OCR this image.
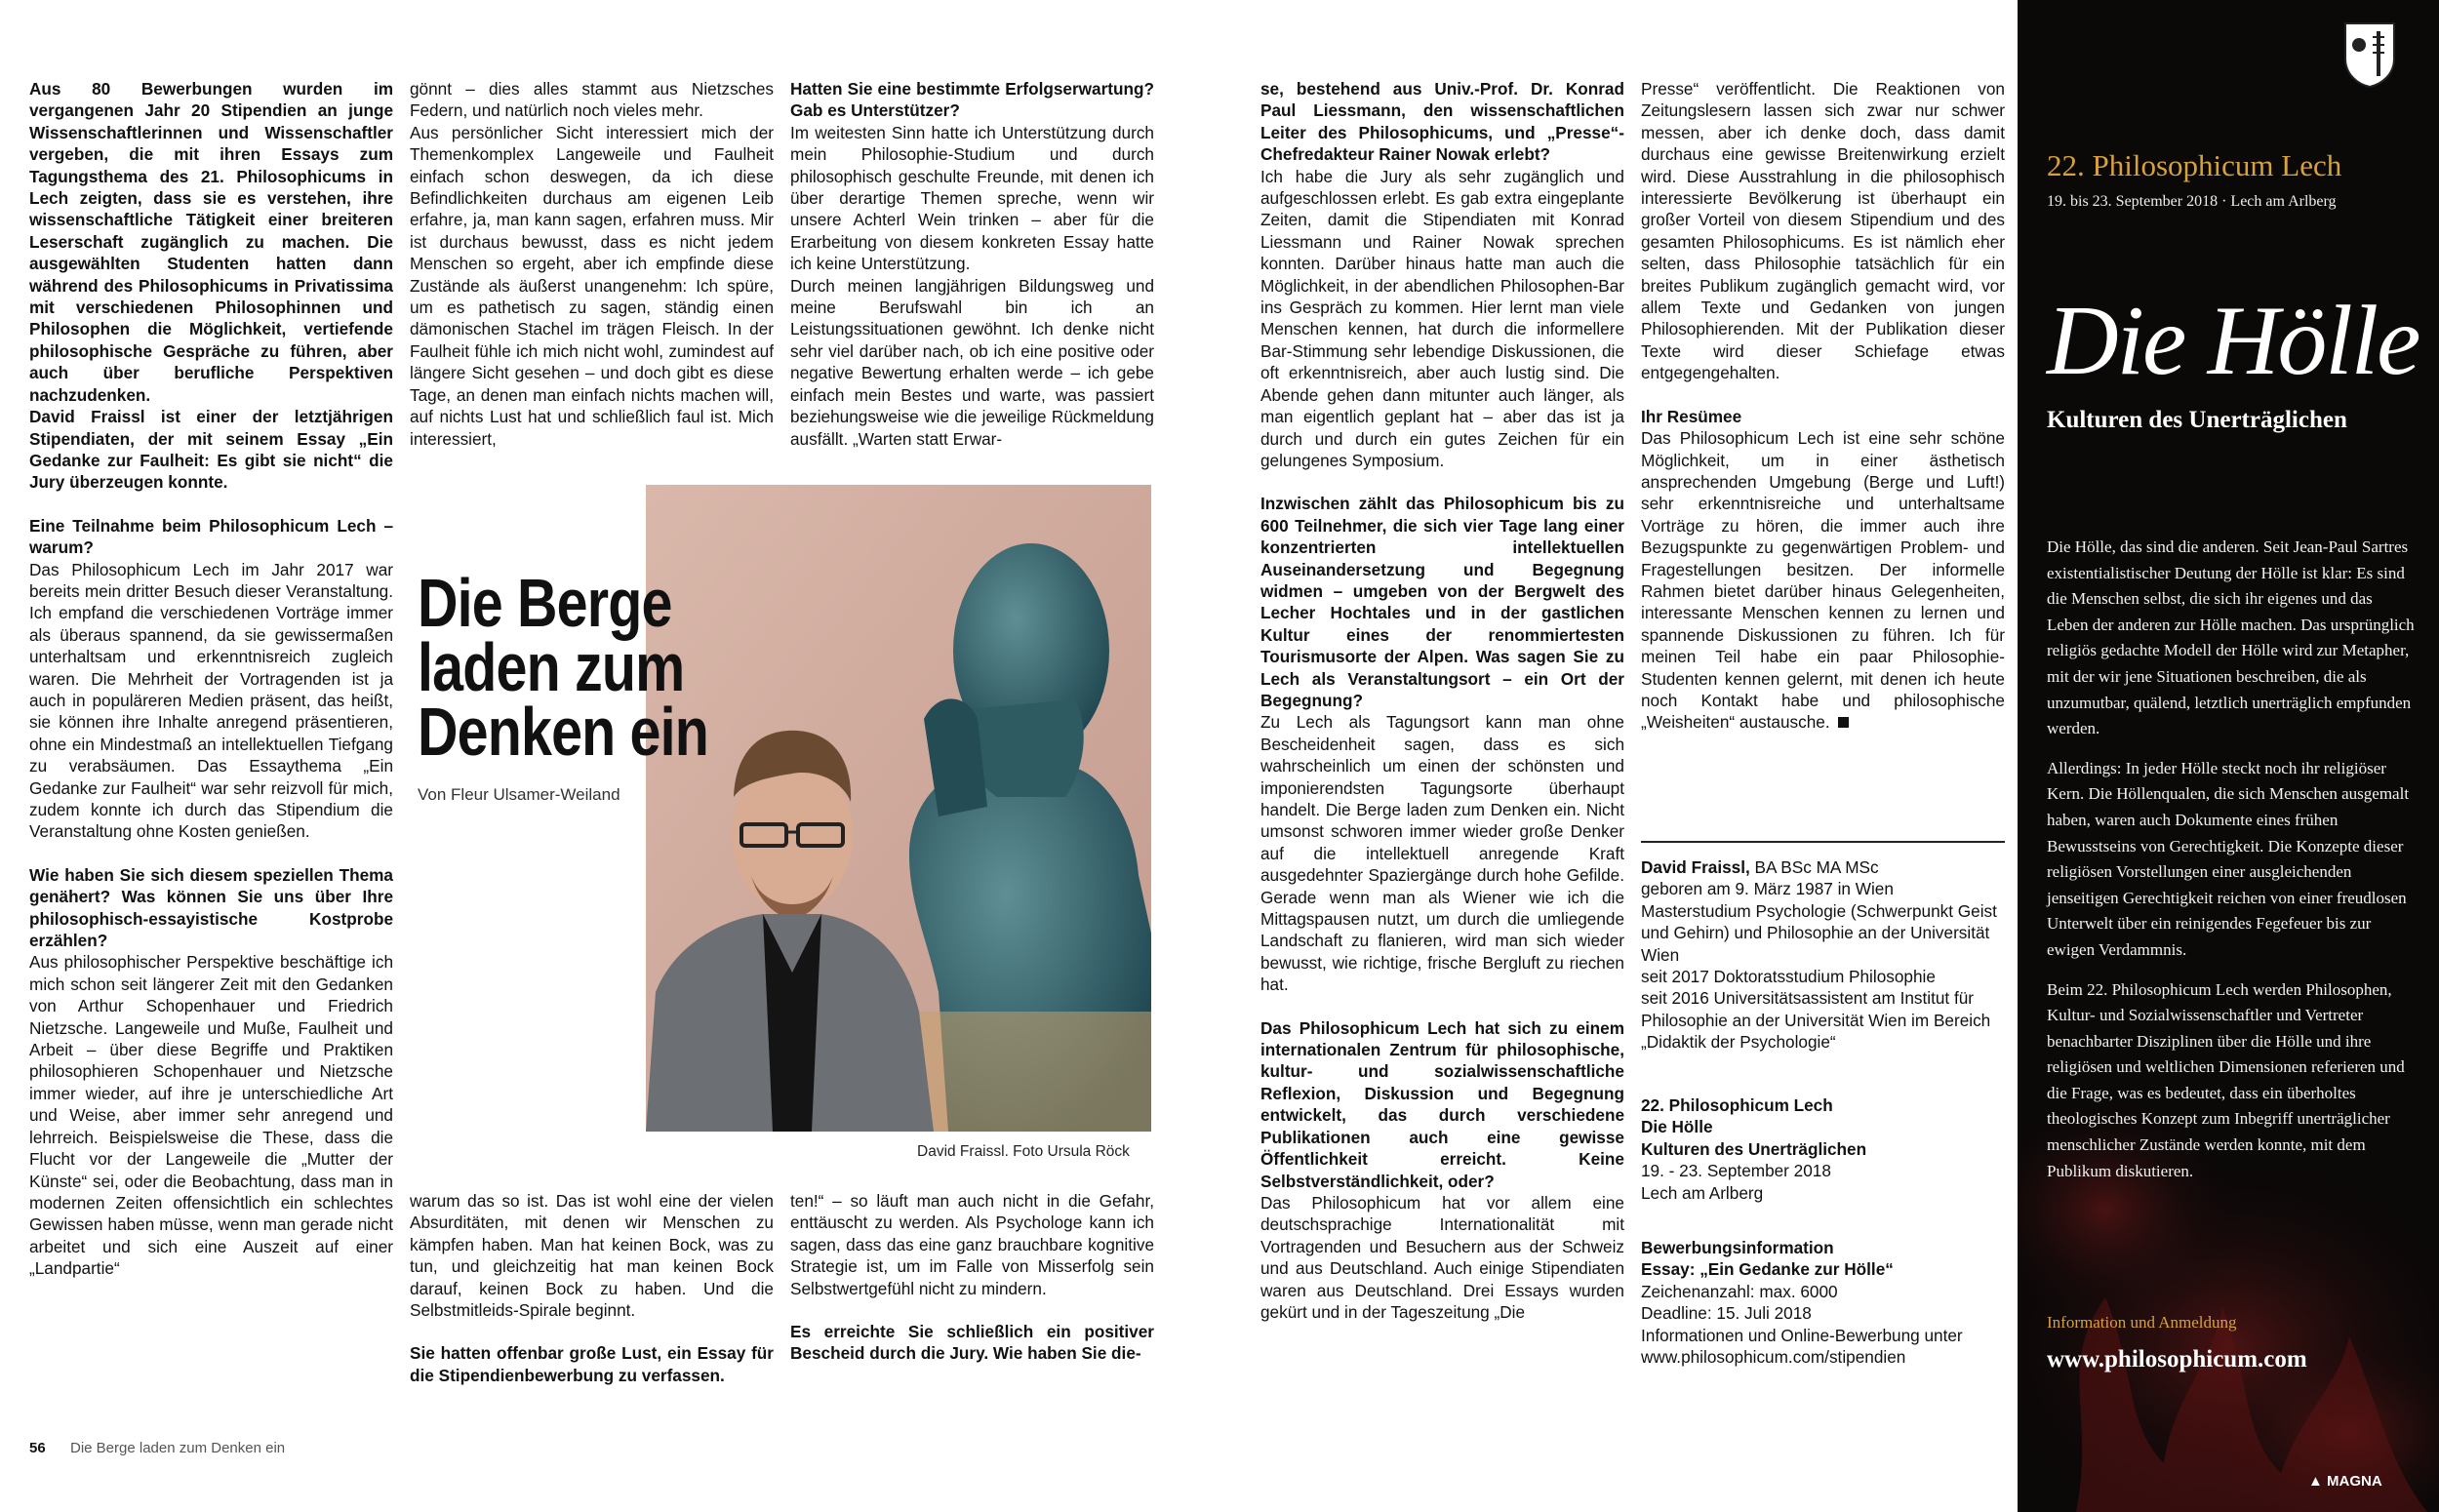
Aus 80 Bewerbungen wurden im vergangenen Jahr 20 Stipendien an junge Wissenschaftlerinnen und Wissenschaftler vergeben, die mit ihren Essays zum Tagungsthema des 21. Philosophicums in Lech zeigten, dass sie es verstehen, ihre wissenschaftliche Tätigkeit einer breiteren Leserschaft zugänglich zu machen. Die ausgewählten Studenten hatten dann während des Philosophicums in Privatissima mit verschiedenen Philosophinnen und Philosophen die Möglichkeit, vertiefende philosophische Gespräche zu führen, aber auch über berufliche Perspektiven nachzudenken.

David Fraissl ist einer der letztjährigen Stipendiaten, der mit seinem Essay „Ein Gedanke zur Faulheit: Es gibt sie nicht“ die Jury überzeugen konnte.

Eine Teilnahme beim Philosophicum Lech – warum?

Das Philosophicum Lech im Jahr 2017 war bereits mein dritter Besuch dieser Veranstaltung. Ich empfand die verschiedenen Vorträge immer als überaus spannend, da sie gewissermaßen unterhaltsam und erkenntnisreich zugleich waren. Die Mehrheit der Vortragenden ist ja auch in populäreren Medien präsent, das heißt, sie können ihre Inhalte anregend präsentieren, ohne ein Mindestmaß an intellektuellen Tiefgang zu verabsäumen. Das Essaythema „Ein Gedanke zur Faulheit“ war sehr reizvoll für mich, zudem konnte ich durch das Stipendium die Veranstaltung ohne Kosten genießen.

Wie haben Sie sich diesem speziellen Thema genähert? Was können Sie uns über Ihre philosophisch-essayistische Kostprobe erzählen?

Aus philosophischer Perspektive beschäftige ich mich schon seit längerer Zeit mit den Gedanken von Arthur Schopenhauer und Friedrich Nietzsche. Langeweile und Muße, Faulheit und Arbeit – über diese Begriffe und Praktiken philosophieren Schopenhauer und Nietzsche immer wieder, auf ihre je unterschiedliche Art und Weise, aber immer sehr anregend und lehrreich. Beispielsweise die These, dass die Flucht vor der Langeweile die „Mutter der Künste“ sei, oder die Beobachtung, dass man in modernen Zeiten offensichtlich ein schlechtes Gewissen haben müsse, wenn man gerade nicht arbeitet und sich eine Auszeit auf einer „Landpartie“

gönnt – dies alles stammt aus Nietzsches Federn, und natürlich noch vieles mehr.

Aus persönlicher Sicht interessiert mich der Themenkomplex Langeweile und Faulheit einfach schon deswegen, da ich diese Befindlichkeiten durchaus am eigenen Leib erfahre, ja, man kann sagen, erfahren muss. Mir ist durchaus bewusst, dass es nicht jedem Menschen so ergeht, aber ich empfinde diese Zustände als äußerst unangenehm: Ich spüre, um es pathetisch zu sagen, ständig einen dämonischen Stachel im trägen Fleisch. In der Faulheit fühle ich mich nicht wohl, zumindest auf längere Sicht gesehen – und doch gibt es diese Tage, an denen man einfach nichts machen will, auf nichts Lust hat und schließlich faul ist. Mich interessiert,

Hatten Sie eine bestimmte Erfolgserwartung? Gab es Unterstützer?

Im weitesten Sinn hatte ich Unterstützung durch mein Philosophie-Studium und durch philosophisch geschulte Freunde, mit denen ich über derartige Themen spreche, wenn wir unsere Achterl Wein trinken – aber für die Erarbeitung von diesem konkreten Essay hatte ich keine Unterstützung.

Durch meinen langjährigen Bildungsweg und meine Berufswahl bin ich an Leistungssituationen gewöhnt. Ich denke nicht sehr viel darüber nach, ob ich eine positive oder negative Bewertung erhalten werde – ich gebe einfach mein Bestes und warte, was passiert beziehungsweise wie die jeweilige Rückmeldung ausfällt. „Warten statt Erwar-

Die Berge
laden zum
Denken ein
Von Fleur Ulsamer-Weiland
David Fraissl. Foto Ursula Röck

warum das so ist. Das ist wohl eine der vielen Absurditäten, mit denen wir Menschen zu kämpfen haben. Man hat keinen Bock, was zu tun, und gleichzeitig hat man keinen Bock darauf, keinen Bock zu haben. Und die Selbstmitleids-Spirale beginnt.

Sie hatten offenbar große Lust, ein Essay für die Stipendienbewerbung zu verfassen.

ten!“ – so läuft man auch nicht in die Gefahr, enttäuscht zu werden. Als Psychologe kann ich sagen, dass das eine ganz brauchbare kognitive Strategie ist, um im Falle von Misserfolg sein Selbstwertgefühl nicht zu mindern.

Es erreichte Sie schließlich ein positiver Bescheid durch die Jury. Wie haben Sie die-

56 Die Berge laden zum Denken ein

se, bestehend aus Univ.-Prof. Dr. Konrad Paul Liessmann, den wissenschaftlichen Leiter des Philosophicums, und „Presse“-Chefredakteur Rainer Nowak erlebt?

Ich habe die Jury als sehr zugänglich und aufgeschlossen erlebt. Es gab extra eingeplante Zeiten, damit die Stipendiaten mit Konrad Liessmann und Rainer Nowak sprechen konnten. Darüber hinaus hatte man auch die Möglichkeit, in der abendlichen Philosophen-Bar ins Gespräch zu kommen. Hier lernt man viele Menschen kennen, hat durch die informellere Bar-Stimmung sehr lebendige Diskussionen, die oft erkenntnisreich, aber auch lustig sind. Die Abende gehen dann mitunter auch länger, als man eigentlich geplant hat – aber das ist ja durch und durch ein gutes Zeichen für ein gelungenes Symposium.

Inzwischen zählt das Philosophicum bis zu 600 Teilnehmer, die sich vier Tage lang einer konzentrierten intellektuellen Auseinandersetzung und Begegnung widmen – umgeben von der Bergwelt des Lecher Hochtales und in der gastlichen Kultur eines der renommiertesten Tourismusorte der Alpen. Was sagen Sie zu Lech als Veranstaltungsort – ein Ort der Begegnung?

Zu Lech als Tagungsort kann man ohne Bescheidenheit sagen, dass es sich wahrscheinlich um einen der schönsten und imponierendsten Tagungsorte überhaupt handelt. Die Berge laden zum Denken ein. Nicht umsonst schworen immer wieder große Denker auf die intellektuell anregende Kraft ausgedehnter Spaziergänge durch hohe Gefilde. Gerade wenn man als Wiener wie ich die Mittagspausen nutzt, um durch die umliegende Landschaft zu flanieren, wird man sich wieder bewusst, wie richtige, frische Bergluft zu riechen hat.

Das Philosophicum Lech hat sich zu einem internationalen Zentrum für philosophische, kultur- und sozialwissenschaftliche Reflexion, Diskussion und Begegnung entwickelt, das durch verschiedene Publikationen auch eine gewisse Öffentlichkeit erreicht. Keine Selbstverständlichkeit, oder?

Das Philosophicum hat vor allem eine deutschsprachige Internationalität mit Vortragenden und Besuchern aus der Schweiz und aus Deutschland. Auch einige Stipendiaten waren aus Deutschland. Drei Essays wurden gekürt und in der Tageszeitung „Die

Presse“ veröffentlicht. Die Reaktionen von Zeitungslesern lassen sich zwar nur schwer messen, aber ich denke doch, dass damit durchaus eine gewisse Breitenwirkung erzielt wird. Diese Ausstrahlung in die philosophisch interessierte Bevölkerung ist überhaupt ein großer Vorteil von diesem Stipendium und des gesamten Philosophicums. Es ist nämlich eher selten, dass Philosophie tatsächlich für ein breites Publikum zugänglich gemacht wird, vor allem Texte und Gedanken von jungen Philosophierenden. Mit der Publikation dieser Texte wird dieser Schiefage etwas entgegengehalten.

Ihr Resümee

Das Philosophicum Lech ist eine sehr schöne Möglichkeit, um in einer ästhetisch ansprechenden Umgebung (Berge und Luft!) sehr erkenntnisreiche und unterhaltsame Vorträge zu hören, die immer auch ihre Bezugspunkte zu gegenwärtigen Problem- und Fragestellungen besitzen. Der informelle Rahmen bietet darüber hinaus Gelegenheiten, interessante Menschen kennen zu lernen und spannende Diskussionen zu führen. Ich für meinen Teil habe ein paar Philosophie-Studenten kennen gelernt, mit denen ich heute noch Kontakt habe und philosophische „Weisheiten“ austausche.

David Fraissl, BA BSc MA MSc

geboren am 9. März 1987 in Wien

Masterstudium Psychologie (Schwerpunkt Geist und Gehirn) und Philosophie an der Universität Wien

seit 2017 Doktoratsstudium Philosophie

seit 2016 Universitätsassistent am Institut für Philosophie an der Universität Wien im Bereich „Didaktik der Psychologie“

22. Philosophicum Lech

Die Hölle

Kulturen des Unerträglichen

19. - 23. September 2018

Lech am Arlberg

Bewerbungsinformation

Essay: „Ein Gedanke zur Hölle“

Zeichenanzahl: max. 6000

Deadline: 15. Juli 2018

Informationen und Online-Bewerbung unter

www.philosophicum.com/stipendien

22. Philosophicum Lech
19. bis 23. September 2018 · Lech am Arlberg
Die Hölle
Kulturen des Unerträglichen

Die Hölle, das sind die anderen. Seit Jean-Paul Sartres existentialistischer Deutung der Hölle ist klar: Es sind die Menschen selbst, die sich ihr eigenes und das Leben der anderen zur Hölle machen. Das ursprünglich religiös gedachte Modell der Hölle wird zur Metapher, mit der wir jene Situationen beschreiben, die als unzumutbar, quälend, letztlich unerträglich empfunden werden.

Allerdings: In jeder Hölle steckt noch ihr religiöser Kern. Die Höllenqualen, die sich Menschen ausgemalt haben, waren auch Dokumente eines frühen Bewusstseins von Gerechtigkeit. Die Konzepte dieser religiösen Vorstellungen einer ausgleichenden jenseitigen Gerechtigkeit reichen von einer freudlosen Unterwelt über ein reinigendes Fegefeuer bis zur ewigen Verdammnis.

Beim 22. Philosophicum Lech werden Philosophen, Kultur- und Sozialwissenschaftler und Vertreter benachbarter Disziplinen über die Hölle und ihre religiösen und weltlichen Dimensionen referieren und die Frage, was es bedeutet, dass ein überholtes theologisches Konzept zum Inbegriff unerträglicher menschlicher Zustände werden konnte, mit dem Publikum diskutieren.

Information und Anmeldung
www.philosophicum.com
▲ MAGNA
